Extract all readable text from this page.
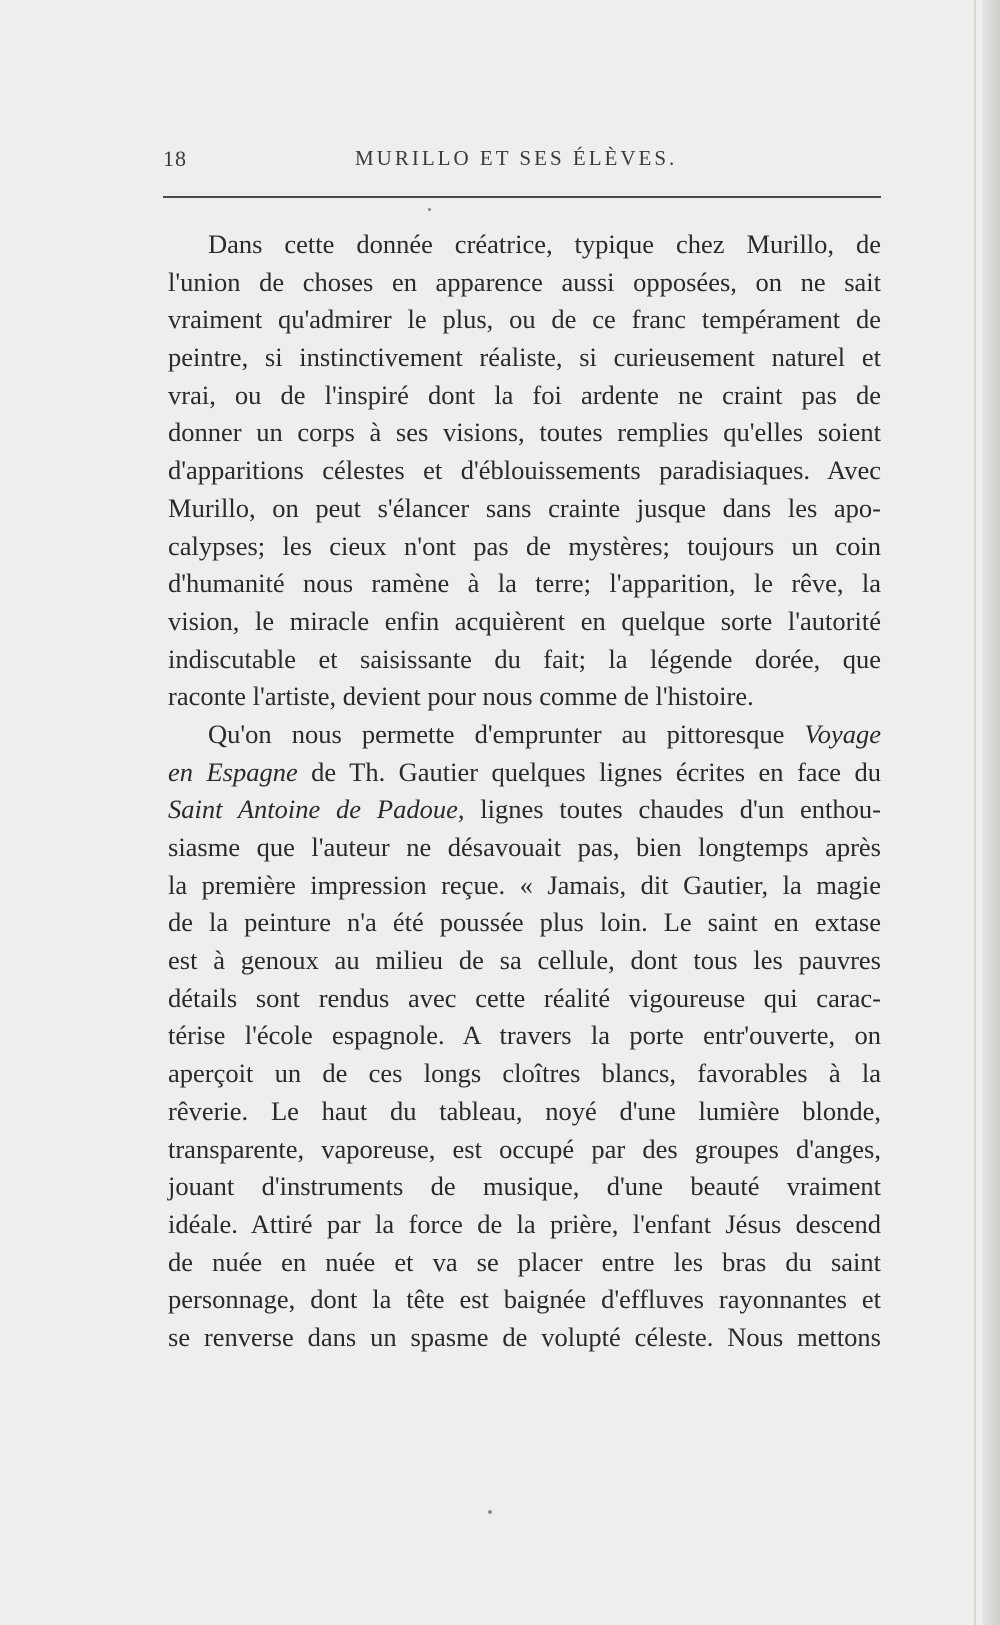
18	MURILLO ET SES ÉLÈVES.
Dans cette donnée créatrice, typique chez Murillo, de
l'union de choses en apparence aussi opposées, on ne sait
vraiment qu'admirer le plus, ou de ce franc tempérament de
peintre, si instinctivement réaliste, si curieusement naturel et
vrai, ou de l'inspiré dont la foi ardente ne craint pas de
donner un corps à ses visions, toutes remplies qu'elles soient
d'apparitions célestes et d'éblouissements paradisiaques. Avec
Murillo, on peut s'élancer sans crainte jusque dans les apo-
calypses; les cieux n'ont pas de mystères; toujours un coin
d'humanité nous ramène à la terre; l'apparition, le rêve, la
vision, le miracle enfin acquièrent en quelque sorte l'autorité
indiscutable et saisissante du fait; la légende dorée, que
raconte l'artiste, devient pour nous comme de l'histoire.
Qu'on nous permette d'emprunter au pittoresque Voyage
en Espagne de Th. Gautier quelques lignes écrites en face du
Saint Antoine de Padoue, lignes toutes chaudes d'un enthou-
siasme que l'auteur ne désavouait pas, bien longtemps après
la première impression reçue. « Jamais, dit Gautier, la magie
de la peinture n'a été poussée plus loin. Le saint en extase
est à genoux au milieu de sa cellule, dont tous les pauvres
détails sont rendus avec cette réalité vigoureuse qui carac-
térise l'école espagnole. A travers la porte entr'ouverte, on
aperçoit un de ces longs cloîtres blancs, favorables à la
rêverie. Le haut du tableau, noyé d'une lumière blonde,
transparente, vaporeuse, est occupé par des groupes d'anges,
jouant d'instruments de musique, d'une beauté vraiment
idéale. Attiré par la force de la prière, l'enfant Jésus descend
de nuée en nuée et va se placer entre les bras du saint
personnage, dont la tête est baignée d'effluves rayonnantes et
se renverse dans un spasme de volupté céleste. Nous mettons
